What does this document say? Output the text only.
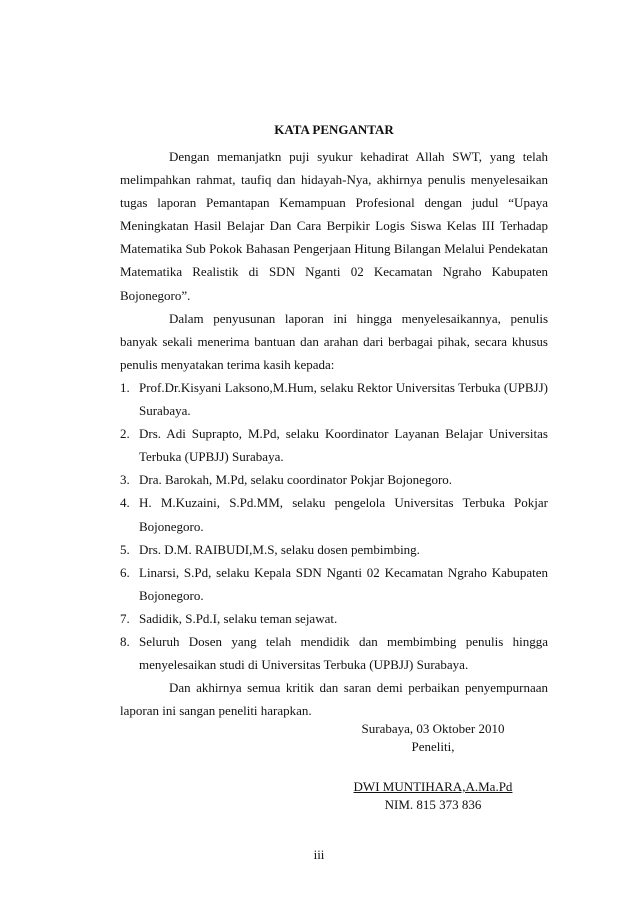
KATA PENGANTAR

Dengan memanjatkn puji syukur kehadirat Allah SWT, yang telah melimpahkan rahmat, taufiq dan hidayah-Nya, akhirnya penulis menyelesaikan tugas laporan Pemantapan Kemampuan Profesional dengan judul “Upaya Meningkatan Hasil Belajar Dan Cara Berpikir Logis Siswa Kelas III Terhadap Matematika Sub Pokok Bahasan Pengerjaan Hitung Bilangan Melalui Pendekatan Matematika Realistik di SDN Nganti 02 Kecamatan Ngraho Kabupaten Bojonegoro”.

Dalam penyusunan laporan ini hingga menyelesaikannya, penulis banyak sekali menerima bantuan dan arahan dari berbagai pihak, secara khusus penulis menyatakan terima kasih kepada:

1. Prof.Dr.Kisyani Laksono,M.Hum, selaku Rektor Universitas Terbuka (UPBJJ) Surabaya.
2. Drs. Adi Suprapto, M.Pd, selaku Koordinator Layanan Belajar Universitas Terbuka (UPBJJ) Surabaya.
3. Dra. Barokah, M.Pd, selaku coordinator Pokjar Bojonegoro.
4. H. M.Kuzaini, S.Pd.MM, selaku pengelola Universitas Terbuka Pokjar Bojonegoro.
5. Drs. D.M. RAIBUDI,M.S, selaku dosen pembimbing.
6. Linarsi, S.Pd, selaku Kepala SDN Nganti 02 Kecamatan Ngraho Kabupaten Bojonegoro.
7. Sadidik, S.Pd.I, selaku teman sejawat.
8. Seluruh Dosen yang telah mendidik dan membimbing penulis hingga menyelesaikan studi di Universitas Terbuka (UPBJJ) Surabaya.

Dan akhirnya semua kritik dan saran demi perbaikan penyempurnaan laporan ini sangan peneliti harapkan.

Surabaya, 03 Oktober 2010
Peneliti,
DWI MUNTIHARA,A.Ma.Pd
NIM. 815 373 836
iii
